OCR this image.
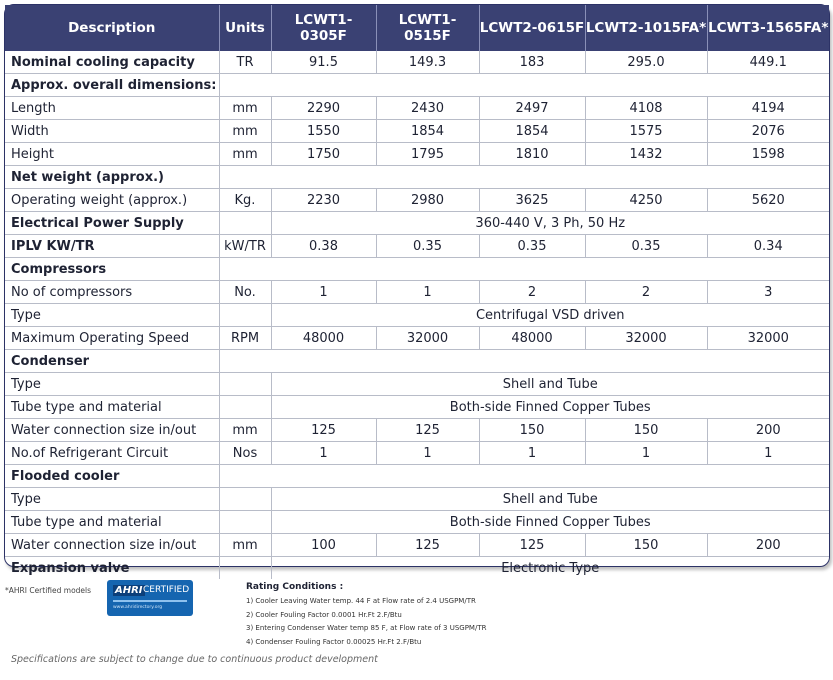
Description	Units	LCWT1-0305F	LCWT1-0515F	LCWT2-0615F	LCWT2-1015FA*	LCWT3-1565FA*
Nominal cooling capacity	TR	91.5	149.3	183	295.0	449.1
Approx. overall dimensions:						
Length	mm	2290	2430	2497	4108	4194
Width	mm	1550	1854	1854	1575	2076
Height	mm	1750	1795	1810	1432	1598
Net weight (approx.)						
Operating weight (approx.)	Kg.	2230	2980	3625	4250	5620
Electrical Power Supply		360-440 V, 3 Ph, 50 Hz				
IPLV KW/TR	kW/TR	0.38	0.35	0.35	0.35	0.34
Compressors						
No of compressors	No.	1	1	2	2	3
Type		Centrifugal VSD driven				
Maximum Operating Speed	RPM	48000	32000	48000	32000	32000
Condenser						
Type		Shell and Tube				
Tube type and material		Both-side Finned Copper Tubes				
Water connection size in/out	mm	125	125	150	150	200
No.of Refrigerant Circuit	Nos	1	1	1	1	1
Flooded cooler						
Type		Shell and Tube				
Tube type and material		Both-side Finned Copper Tubes				
Water connection size in/out	mm	100	125	125	150	200
Expansion valve		Electronic Type				
*AHRI Certified models AHRI CERTIFIED
www.ahridirectory.org
Rating Conditions :
1) Cooler Leaving Water temp. 44 F at Flow rate of 2.4 USGPM/TR
2) Cooler Fouling Factor 0.0001 Hr.Ft 2.F/Btu
3) Entering Condenser Water temp 85 F, at Flow rate of 3 USGPM/TR
4) Condenser Fouling Factor 0.00025 Hr.Ft 2.F/Btu
Specifications are subject to change due to continuous product development
